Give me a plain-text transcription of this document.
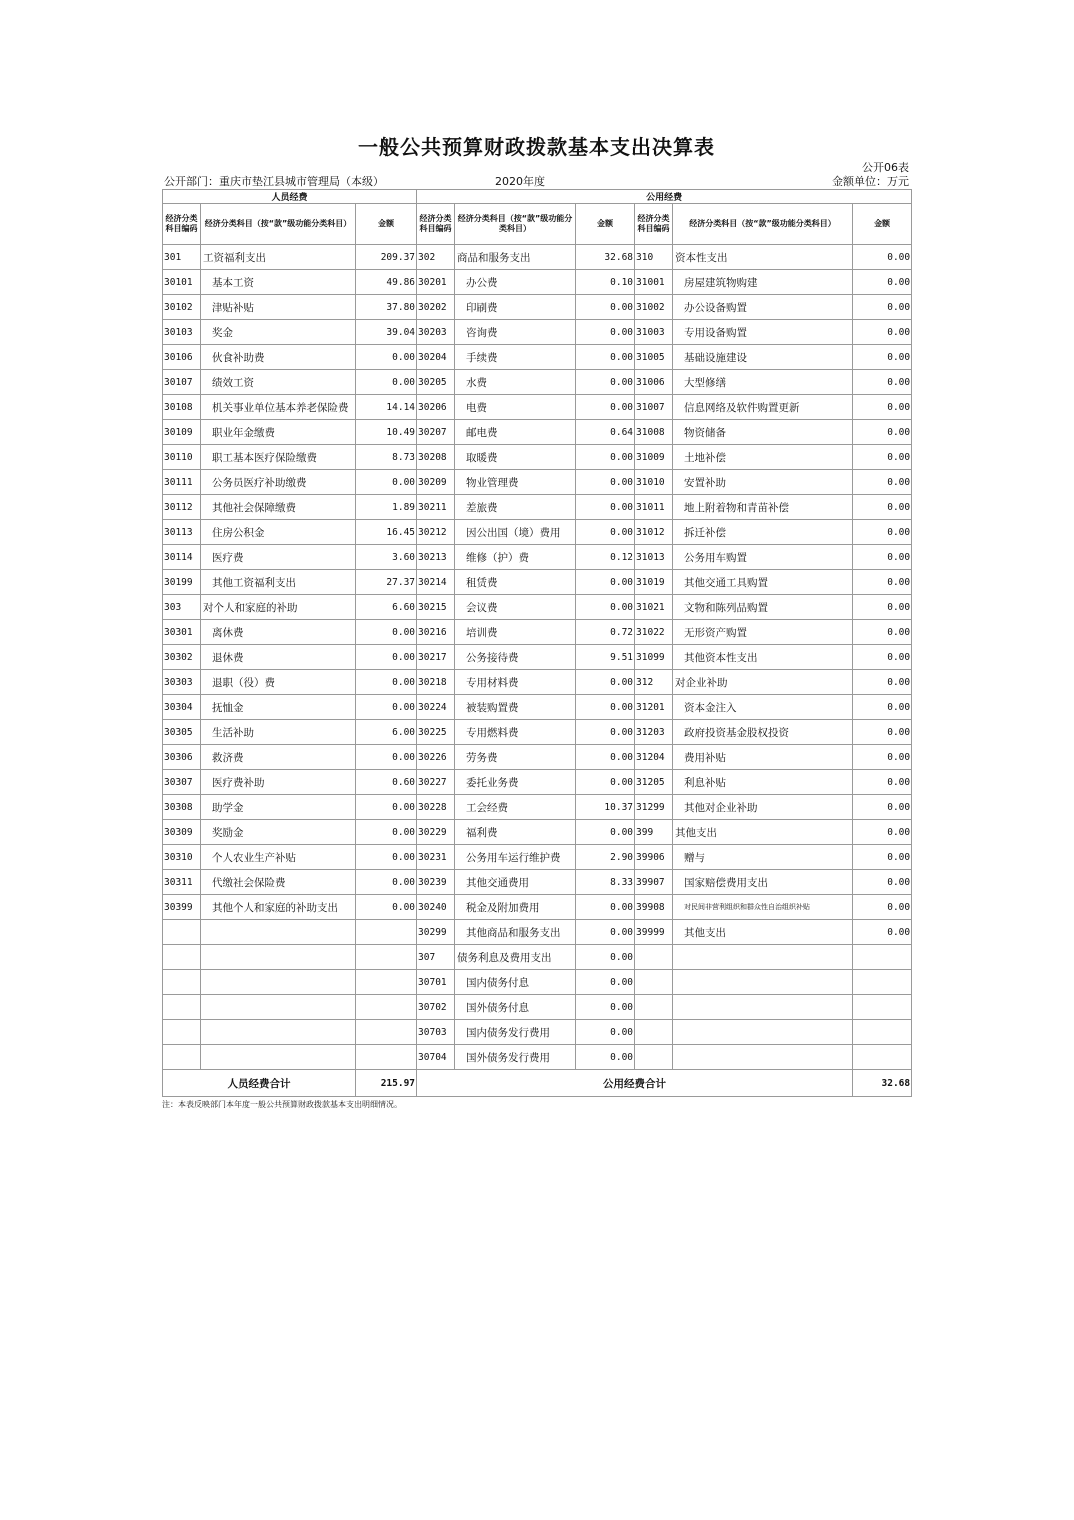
一般公共预算财政拨款基本支出决算表
公开06表
公开部门：重庆市垫江县城市管理局（本级）	2020年度	金额单位：万元
人员经费			公用经费					
经济分类科目编码	经济分类科目（按“款”级功能分类科目）	金额	经济分类科目编码	经济分类科目（按“款”级功能分类科目）	金额	经济分类科目编码	经济分类科目（按“款”级功能分类科目）	金额
301	工资福利支出	209.37	302	商品和服务支出	32.68	310	资本性支出	0.00
30101	基本工资	49.86	30201	办公费	0.10	31001	房屋建筑物购建	0.00
30102	津贴补贴	37.80	30202	印刷费	0.00	31002	办公设备购置	0.00
30103	奖金	39.04	30203	咨询费	0.00	31003	专用设备购置	0.00
30106	伙食补助费	0.00	30204	手续费	0.00	31005	基础设施建设	0.00
30107	绩效工资	0.00	30205	水费	0.00	31006	大型修缮	0.00
30108	机关事业单位基本养老保险费	14.14	30206	电费	0.00	31007	信息网络及软件购置更新	0.00
30109	职业年金缴费	10.49	30207	邮电费	0.64	31008	物资储备	0.00
30110	职工基本医疗保险缴费	8.73	30208	取暖费	0.00	31009	土地补偿	0.00
30111	公务员医疗补助缴费	0.00	30209	物业管理费	0.00	31010	安置补助	0.00
30112	其他社会保障缴费	1.89	30211	差旅费	0.00	31011	地上附着物和青苗补偿	0.00
30113	住房公积金	16.45	30212	因公出国（境）费用	0.00	31012	拆迁补偿	0.00
30114	医疗费	3.60	30213	维修（护）费	0.12	31013	公务用车购置	0.00
30199	其他工资福利支出	27.37	30214	租赁费	0.00	31019	其他交通工具购置	0.00
303	对个人和家庭的补助	6.60	30215	会议费	0.00	31021	文物和陈列品购置	0.00
30301	离休费	0.00	30216	培训费	0.72	31022	无形资产购置	0.00
30302	退休费	0.00	30217	公务接待费	9.51	31099	其他资本性支出	0.00
30303	退职（役）费	0.00	30218	专用材料费	0.00	312	对企业补助	0.00
30304	抚恤金	0.00	30224	被装购置费	0.00	31201	资本金注入	0.00
30305	生活补助	6.00	30225	专用燃料费	0.00	31203	政府投资基金股权投资	0.00
30306	救济费	0.00	30226	劳务费	0.00	31204	费用补贴	0.00
30307	医疗费补助	0.60	30227	委托业务费	0.00	31205	利息补贴	0.00
30308	助学金	0.00	30228	工会经费	10.37	31299	其他对企业补助	0.00
30309	奖励金	0.00	30229	福利费	0.00	399	其他支出	0.00
30310	个人农业生产补贴	0.00	30231	公务用车运行维护费	2.90	39906	赠与	0.00
30311	代缴社会保险费	0.00	30239	其他交通费用	8.33	39907	国家赔偿费用支出	0.00
30399	其他个人和家庭的补助支出	0.00	30240	税金及附加费用	0.00	39908	对民间非营利组织和群众性自治组织补贴	0.00
			30299	其他商品和服务支出	0.00	39999	其他支出	0.00
			307	债务利息及费用支出	0.00			
			30701	国内债务付息	0.00			
			30702	国外债务付息	0.00			
			30703	国内债务发行费用	0.00			
			30704	国外债务发行费用	0.00			
人员经费合计		215.97	公用经费合计					32.68
注：本表反映部门本年度一般公共预算财政拨款基本支出明细情况。
